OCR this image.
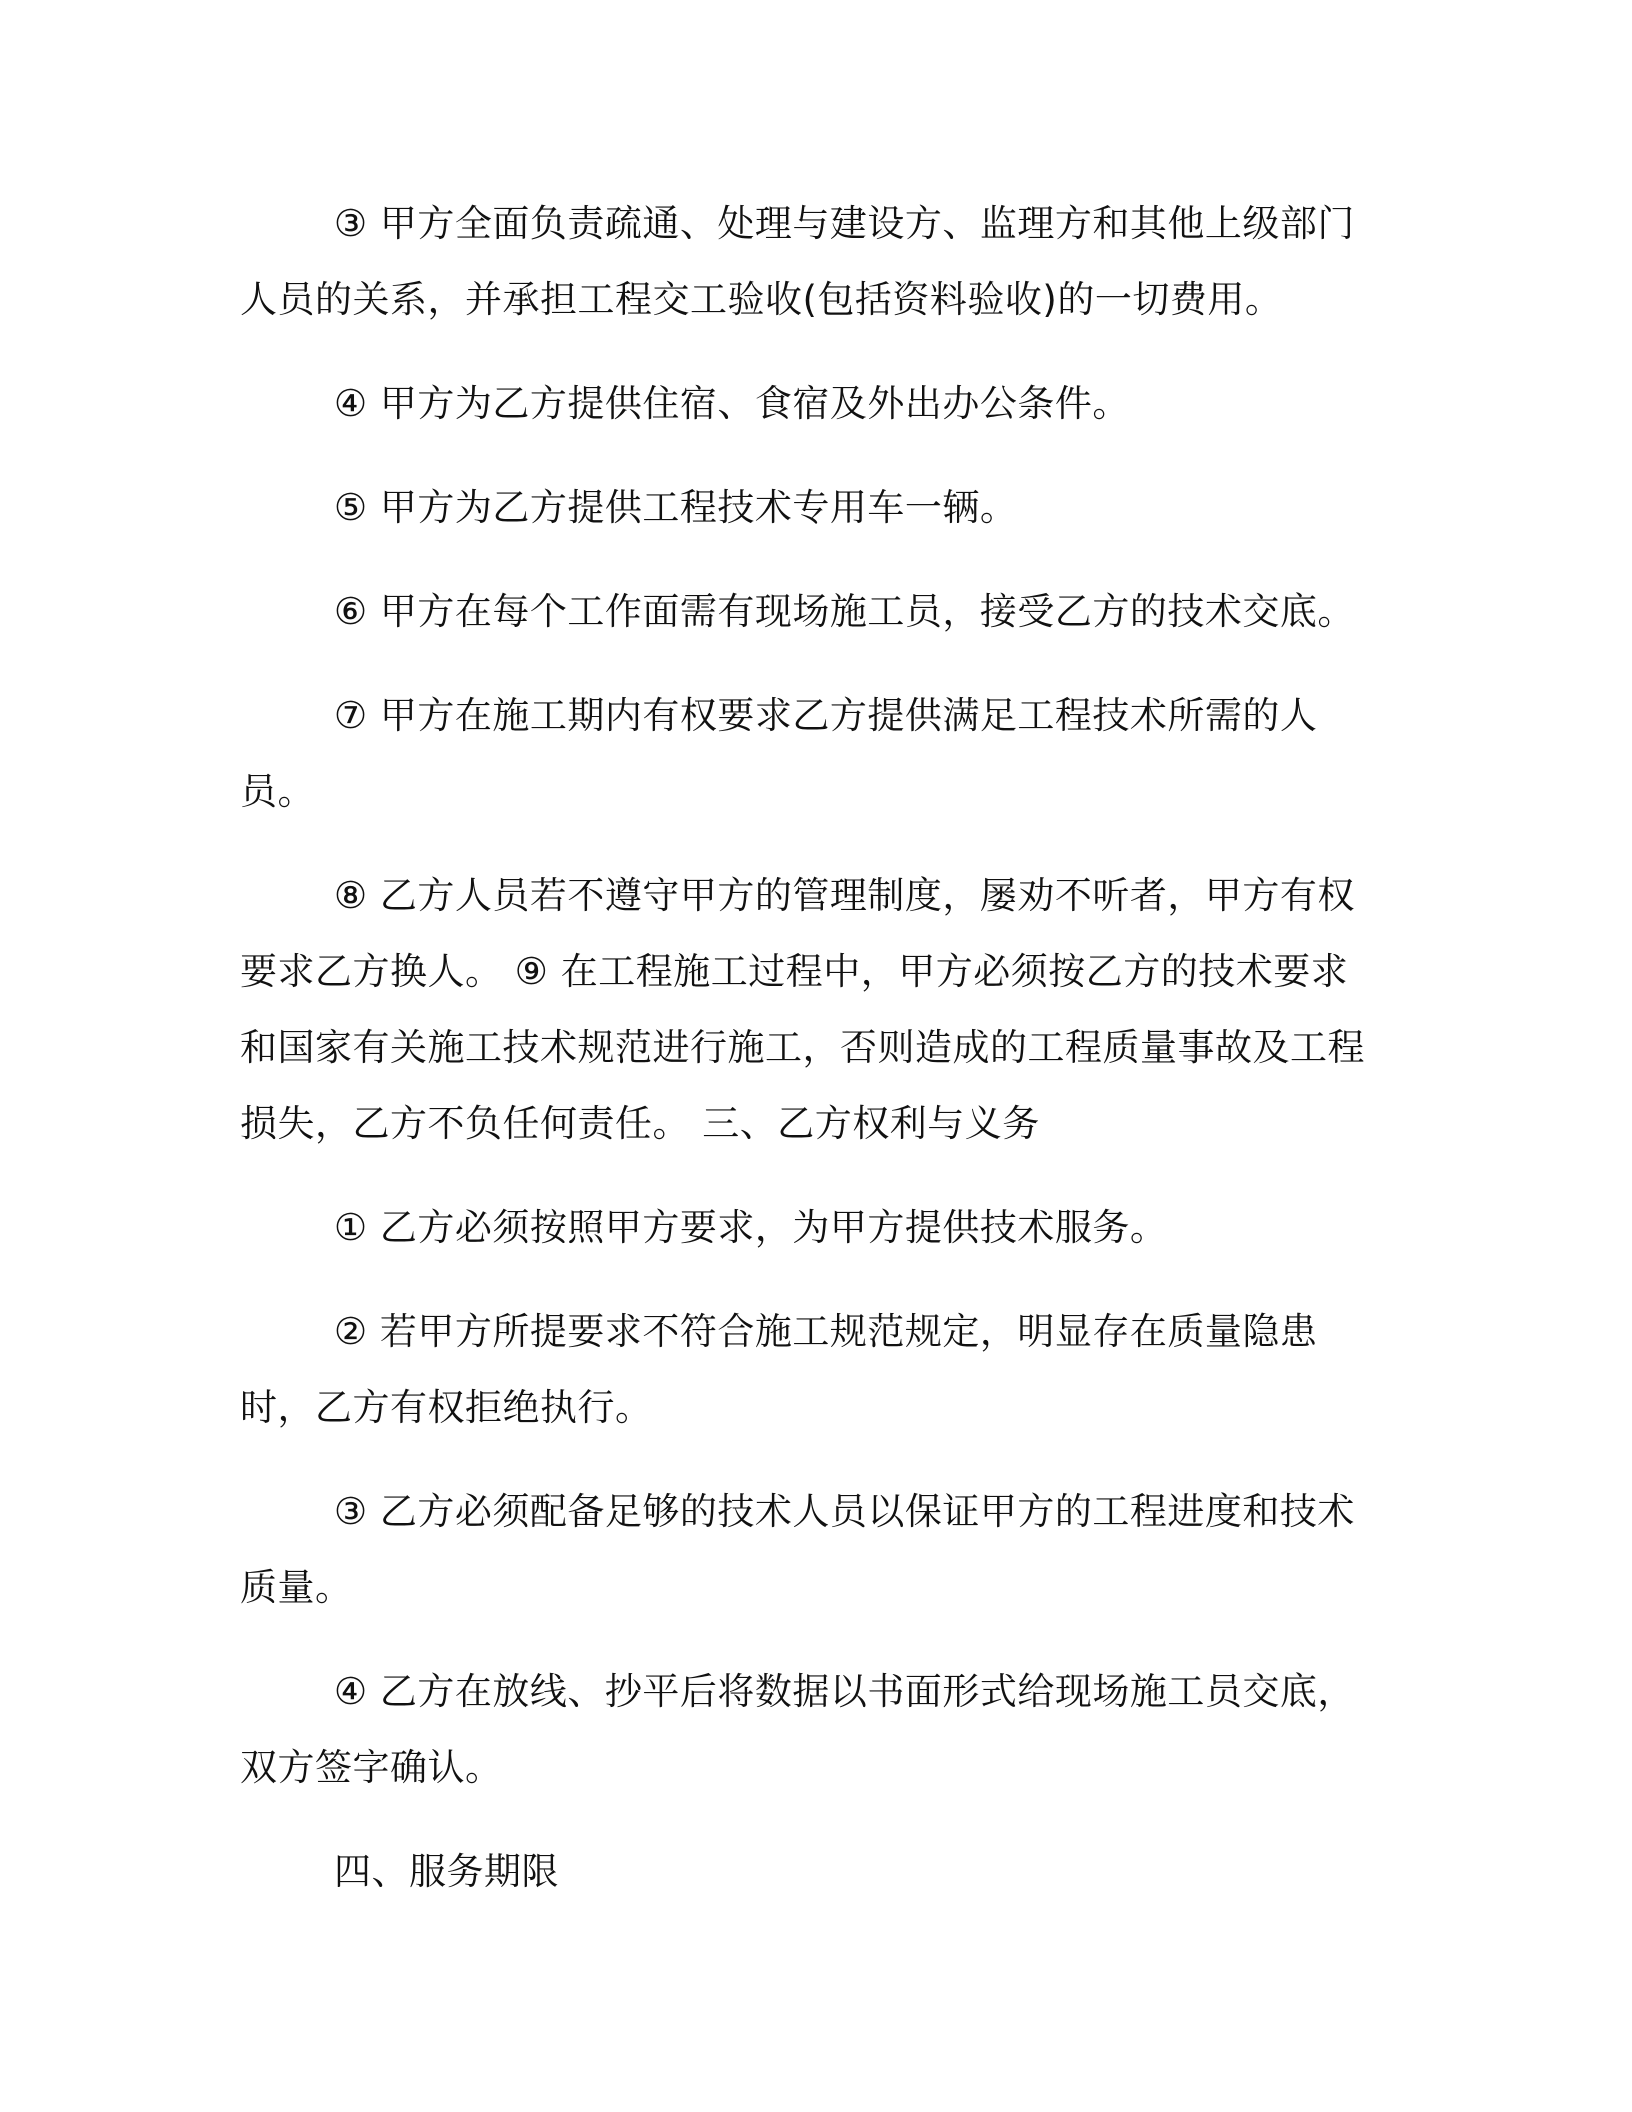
③ 甲方全面负责疏通、处理与建设方、监理方和其他上级部门人员的关系，并承担工程交工验收(包括资料验收)的一切费用。

④ 甲方为乙方提供住宿、食宿及外出办公条件。

⑤ 甲方为乙方提供工程技术专用车一辆。

⑥ 甲方在每个工作面需有现场施工员，接受乙方的技术交底。

⑦ 甲方在施工期内有权要求乙方提供满足工程技术所需的人员。

⑧ 乙方人员若不遵守甲方的管理制度，屡劝不听者，甲方有权要求乙方换人。 ⑨ 在工程施工过程中，甲方必须按乙方的技术要求和国家有关施工技术规范进行施工，否则造成的工程质量事故及工程损失，乙方不负任何责任。 三、乙方权利与义务

① 乙方必须按照甲方要求，为甲方提供技术服务。

② 若甲方所提要求不符合施工规范规定，明显存在质量隐患时，乙方有权拒绝执行。

③ 乙方必须配备足够的技术人员以保证甲方的工程进度和技术质量。

④ 乙方在放线、抄平后将数据以书面形式给现场施工员交底，双方签字确认。

四、服务期限
